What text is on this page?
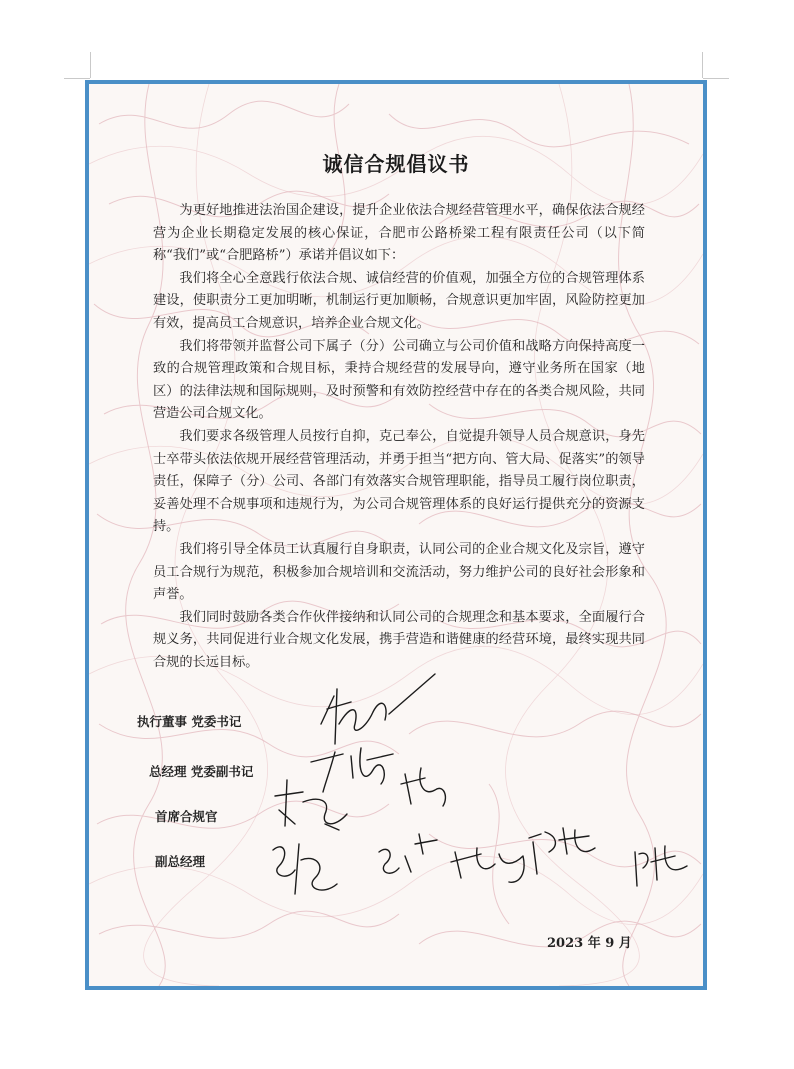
诚信合规倡议书

为更好地推进法治国企建设，提升企业依法合规经营管理水平，确保依法合规经营为企业长期稳定发展的核心保证，合肥市公路桥梁工程有限责任公司（以下简称“我们”或“合肥路桥”）承诺并倡议如下：

我们将全心全意践行依法合规、诚信经营的价值观，加强全方位的合规管理体系建设，使职责分工更加明晰，机制运行更加顺畅，合规意识更加牢固，风险防控更加有效，提高员工合规意识，培养企业合规文化。

我们将带领并监督公司下属子（分）公司确立与公司价值和战略方向保持高度一致的合规管理政策和合规目标，秉持合规经营的发展导向，遵守业务所在国家（地区）的法律法规和国际规则，及时预警和有效防控经营中存在的各类合规风险，共同营造公司合规文化。

我们要求各级管理人员按行自抑，克己奉公，自觉提升领导人员合规意识，身先士卒带头依法依规开展经营管理活动，并勇于担当“把方向、管大局、促落实”的领导责任，保障子（分）公司、各部门有效落实合规管理职能，指导员工履行岗位职责，妥善处理不合规事项和违规行为，为公司合规管理体系的良好运行提供充分的资源支持。

我们将引导全体员工认真履行自身职责，认同公司的企业合规文化及宗旨，遵守员工合规行为规范，积极参加合规培训和交流活动，努力维护公司的良好社会形象和声誉。

我们同时鼓励各类合作伙伴接纳和认同公司的合规理念和基本要求，全面履行合规义务，共同促进行业合规文化发展，携手营造和谐健康的经营环境，最终实现共同合规的长远目标。

执行董事 党委书记
总经理 党委副书记
首席合规官
副总经理
2023 年 9 月
